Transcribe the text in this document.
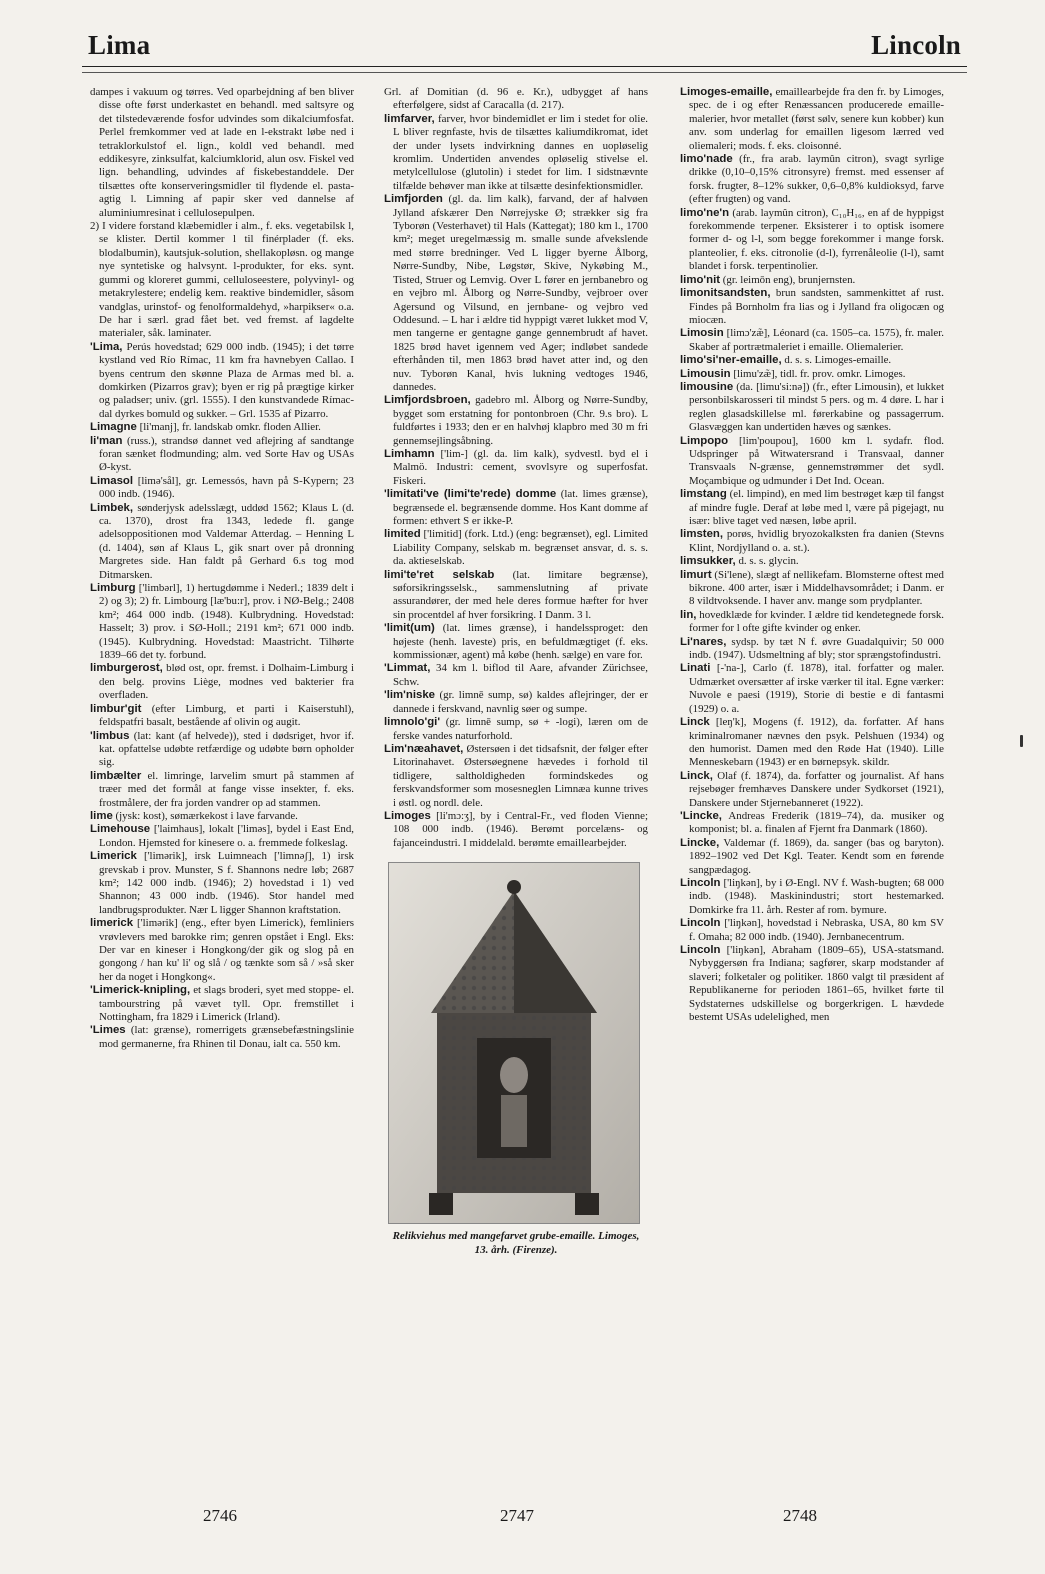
Lima	Lincoln

dampes i vakuum og tørres. Ved oparbejdning af ben bliver disse ofte først underkastet en behandl. med saltsyre og det tilstedeværende fosfor udvindes som dikalciumfosfat. Perlel fremkommer ved at lade en l-ekstrakt løbe ned i tetraklorkulstof el. lign., koldl ved behandl. med eddikesyre, zinksulfat, kalciumklorid, alun osv. Fiskel ved lign. behandling, udvindes af fiskebestanddele. Der tilsættes ofte konserveringsmidler til flydende el. pasta-agtig l. Limning af papir sker ved dannelse af aluminiumresinat i cellulosepulpen.

2) I videre forstand klæbemidler i alm., f. eks. vegetabilsk l, se klister. Dertil kommer l til finérplader (f. eks. blodalbumin), kautsjuk-solution, shellakopløsn. og mange nye syntetiske og halvsynt. l-produkter, for eks. synt. gummi og kloreret gummi, celluloseestere, polyvinyl- og metakrylestere; endelig kem. reaktive bindemidler, såsom vandglas, urinstof- og fenolformaldehyd, »harpikser« o.a. De har i særl. grad fået bet. ved fremst. af lagdelte materialer, såk. laminater.

'Lima, Perús hovedstad; 629 000 indb. (1945); i det tørre kystland ved Río Rímac, 11 km fra havnebyen Callao. I byens centrum den skønne Plaza de Armas med bl. a. domkirken (Pizarros grav); byen er rig på prægtige kirker og paladser; univ. (grl. 1555). I den kunstvandede Rímac-dal dyrkes bomuld og sukker. – Grl. 1535 af Pizarro.

Limagne [li'manj], fr. landskab omkr. floden Allier.

li'man (russ.), strandsø dannet ved aflejring af sandtange foran sænket flodmunding; alm. ved Sorte Hav og USAs Ø-kyst.

Limasol [limə'sål], gr. Lemessós, havn på S-Kypern; 23 000 indb. (1946).

Limbek, sønderjysk adelsslægt, uddød 1562; Klaus L (d. ca. 1370), drost fra 1343, ledede fl. gange adelsoppositionen mod Valdemar Atterdag. – Henning L (d. 1404), søn af Klaus L, gik snart over på dronning Margretes side. Han faldt på Gerhard 6.s tog mod Ditmarsken.

Limburg ['limbərl], 1) hertugdømme i Nederl.; 1839 delt i 2) og 3); 2) fr. Limbourg [læ'bu:r], prov. i NØ-Belg.; 2408 km²; 464 000 indb. (1948). Kulbrydning. Hovedstad: Hasselt; 3) prov. i SØ-Holl.; 2191 km²; 671 000 indb. (1945). Kulbrydning. Hovedstad: Maastricht. Tilhørte 1839–66 det ty. forbund.

limburgerost, blød ost, opr. fremst. i Dolhaim-Limburg i den belg. provins Liège, modnes ved bakterier fra overfladen.

limbur'git (efter Limburg, et parti i Kaiserstuhl), feldspatfri basalt, bestående af olivin og augit.

'limbus (lat: kant (af helvede)), sted i dødsriget, hvor if. kat. opfattelse udøbte retfærdige og udøbte børn opholder sig.

limbælter el. limringe, larvelim smurt på stammen af træer med det formål at fange visse insekter, f. eks. frostmålere, der fra jorden vandrer op ad stammen.

lime (jysk: kost), sømærkekost i lave farvande.

Limehouse ['laimhaus], lokalt ['liməs], bydel i East End, London. Hjemsted for kinesere o. a. fremmede folkeslag.

Limerick ['limərik], irsk Luimneach ['limnəʃ], 1) irsk grevskab i prov. Munster, S f. Shannons nedre løb; 2687 km²; 142 000 indb. (1946); 2) hovedstad i 1) ved Shannon; 43 000 indb. (1946). Stor handel med landbrugsprodukter. Nær L ligger Shannon kraftstation.

limerick ['limərik] (eng., efter byen Limerick), femliniers vrøvlevers med barokke rim; genren opstået i Engl. Eks: Der var en kineser i Hongkong/der gik og slog på en gongong / han ku' li' og slå / og tænkte som så / »så sker her da noget i Hongkong«.

'Limerick-knipling, et slags broderi, syet med stoppe- el. tambourstring på vævet tyll. Opr. fremstillet i Nottingham, fra 1829 i Limerick (Irland).

'Limes (lat: grænse), romerrigets grænsebefæstningslinie mod germanerne, fra Rhinen til Donau, ialt ca. 550 km.

Grl. af Domitian (d. 96 e. Kr.), udbygget af hans efterfølgere, sidst af Caracalla (d. 217).

limfarver, farver, hvor bindemidlet er lim i stedet for olie. L bliver regnfaste, hvis de tilsættes kaliumdikromat, idet der under lysets indvirkning dannes en uopløselig kromlim. Undertiden anvendes opløselig stivelse el. metylcellulose (glutolin) i stedet for lim. I sidstnævnte tilfælde behøver man ikke at tilsætte desinfektionsmidler.

Limfjorden (gl. da. lim kalk), farvand, der af halvøen Jylland afskærer Den Nørrejyske Ø; strækker sig fra Tyborøn (Vesterhavet) til Hals (Kattegat); 180 km l., 1700 km²; meget uregelmæssig m. smalle sunde afvekslende med større bredninger. Ved L ligger byerne Ålborg, Nørre-Sundby, Nibe, Løgstør, Skive, Nykøbing M., Tisted, Struer og Lemvig. Over L fører en jernbanebro og en vejbro ml. Ålborg og Nørre-Sundby, vejbroer over Agersund og Vilsund, en jernbane- og vejbro ved Oddesund. – L har i ældre tid hyppigt været lukket mod V, men tangerne er gentagne gange gennembrudt af havet. 1825 brød havet igennem ved Ager; indløbet sandede efterhånden til, men 1863 brød havet atter ind, og den nuv. Tyborøn Kanal, hvis lukning vedtoges 1946, dannedes.

Limfjordsbroen, gadebro ml. Ålborg og Nørre-Sundby, bygget som erstatning for pontonbroen (Chr. 9.s bro). L fuldførtes i 1933; den er en halvhøj klapbro med 30 m fri gennemsejlingsåbning.

Limhamn ['lim-] (gl. da. lim kalk), sydvestl. byd el i Malmö. Industri: cement, svovlsyre og superfosfat. Fiskeri.

'limitati've (limi'te'rede) domme (lat. limes grænse), begrænsede el. begrænsende domme. Hos Kant domme af formen: ethvert S er ikke-P.

limited ['limitid] (fork. Ltd.) (eng: begrænset), egl. Limited Liability Company, selskab m. begrænset ansvar, d. s. s. da. aktieselskab.

limi'te'ret selskab (lat. limitare begrænse), søforsikringsselsk., sammenslutning af private assurandører, der med hele deres formue hæfter for hver sin procentdel af hver forsikring. I Danm. 3 l.

'limit(um) (lat. limes grænse), i handelssproget: den højeste (henh. laveste) pris, en befuldmægtiget (f. eks. kommissionær, agent) må købe (henh. sælge) en vare for.

'Limmat, 34 km l. biflod til Aare, afvander Zürichsee, Schw.

'lim'niske (gr. limnē sump, sø) kaldes aflejringer, der er dannede i ferskvand, navnlig søer og sumpe.

limnolo'gi' (gr. limnē sump, sø + -logi), læren om de ferske vandes naturforhold.

Lim'næahavet, Østersøen i det tidsafsnit, der følger efter Litorinahavet. Østersøegnene hævedes i forhold til tidligere, saltholdigheden formindskedes og ferskvandsformer som mosesneglen Limnæa kunne trives i østl. og nordl. dele.

Limoges [li'mɔ:ʒ], by i Central-Fr., ved floden Vienne; 108 000 indb. (1946). Berømt porcelæns- og fajanceindustri. I middelald. berømte emaillearbejder.

Relikviehus med mangefarvet grube-emaille. Limoges, 13. årh. (Firenze).

Limoges-emaille, emaillearbejde fra den fr. by Limoges, spec. de i og efter Renæssancen producerede emaille-malerier, hvor metallet (først sølv, senere kun kobber) kun anv. som underlag for emaillen ligesom lærred ved oliemaleri; mods. f. eks. cloisonné.

limo'nade (fr., fra arab. laymûn citron), svagt syrlige drikke (0,10–0,15% citronsyre) fremst. med essenser af forsk. frugter, 8–12% sukker, 0,6–0,8% kuldioksyd, farve (efter frugten) og vand.

limo'ne'n (arab. laymûn citron), C₁₀H₁₆, en af de hyppigst forekommende terpener. Eksisterer i to optisk isomere former d- og l-l, som begge forekommer i mange forsk. planteolier, f. eks. citronolie (d-l), fyrrenåleolie (l-l), samt blandet i forsk. terpentinolier.

limo'nit (gr. leimōn eng), brunjernsten.

limonitsandsten, brun sandsten, sammenkittet af rust. Findes på Bornholm fra lias og i Jylland fra oligocæn og miocæn.

Limosin [limɔ'zæ̃], Léonard (ca. 1505–ca. 1575), fr. maler. Skaber af portrætmaleriet i emaille. Oliemalerier.

limo'si'ner-emaille, d. s. s. Limoges-emaille.

Limousin [limu'zæ̃], tidl. fr. prov. omkr. Limoges.

limousine (da. [limu'si:nə]) (fr., efter Limousin), et lukket personbilskarosseri til mindst 5 pers. og m. 4 døre. L har i reglen glasadskillelse ml. førerkabine og passagerrum. Glasvæggen kan undertiden hæves og sænkes.

Limpopo [lim'poupou], 1600 km l. sydafr. flod. Udspringer på Witwatersrand i Transvaal, danner Transvaals N-grænse, gennemstrømmer det sydl. Moçambique og udmunder i Det Ind. Ocean.

limstang (el. limpind), en med lim bestrøget kæp til fangst af mindre fugle. Deraf at løbe med l, være på pigejagt, nu især: blive taget ved næsen, løbe april.

limsten, porøs, hvidlig bryozokalksten fra danien (Stevns Klint, Nordjylland o. a. st.).

limsukker, d. s. s. glycin.

limurt (Si'lene), slægt af nellikefam. Blomsterne oftest med bikrone. 400 arter, især i Middelhavsområdet; i Danm. er 8 vildtvoksende. I haver anv. mange som prydplanter.

lin, hovedklæde for kvinder. I ældre tid kendetegnede forsk. former for l ofte gifte kvinder og enker.

Li'nares, sydsp. by tæt N f. øvre Guadalquivir; 50 000 indb. (1947). Udsmeltning af bly; stor sprængstofindustri.

Linati [-'na-], Carlo (f. 1878), ital. forfatter og maler. Udmærket oversætter af irske værker til ital. Egne værker: Nuvole e paesi (1919), Storie di bestie e di fantasmi (1929) o. a.

Linck [leŋ'k], Mogens (f. 1912), da. forfatter. Af hans kriminalromaner nævnes den psyk. Pelshuen (1934) og den humorist. Damen med den Røde Hat (1940). Lille Menneskebarn (1943) er en børnepsyk. skildr.

Linck, Olaf (f. 1874), da. forfatter og journalist. Af hans rejsebøger fremhæves Danskere under Sydkorset (1921), Danskere under Stjernebanneret (1922).

'Lincke, Andreas Frederik (1819–74), da. musiker og komponist; bl. a. finalen af Fjernt fra Danmark (1860).

Lincke, Valdemar (f. 1869), da. sanger (bas og baryton). 1892–1902 ved Det Kgl. Teater. Kendt som en førende sangpædagog.

Lincoln ['liŋkən], by i Ø-Engl. NV f. Wash-bugten; 68 000 indb. (1948). Maskinindustri; stort hestemarked. Domkirke fra 11. årh. Rester af rom. bymure.

Lincoln ['liŋkən], hovedstad i Nebraska, USA, 80 km SV f. Omaha; 82 000 indb. (1940). Jernbanecentrum.

Lincoln ['liŋkən], Abraham (1809–65), USA-statsmand. Nybyggersøn fra Indiana; sagfører, skarp modstander af slaveri; folketaler og politiker. 1860 valgt til præsident af Republikanerne for perioden 1861–65, hvilket førte til Sydstaternes udskillelse og borgerkrigen. L hævdede bestemt USAs udelelighed, men

2746	2747	2748
